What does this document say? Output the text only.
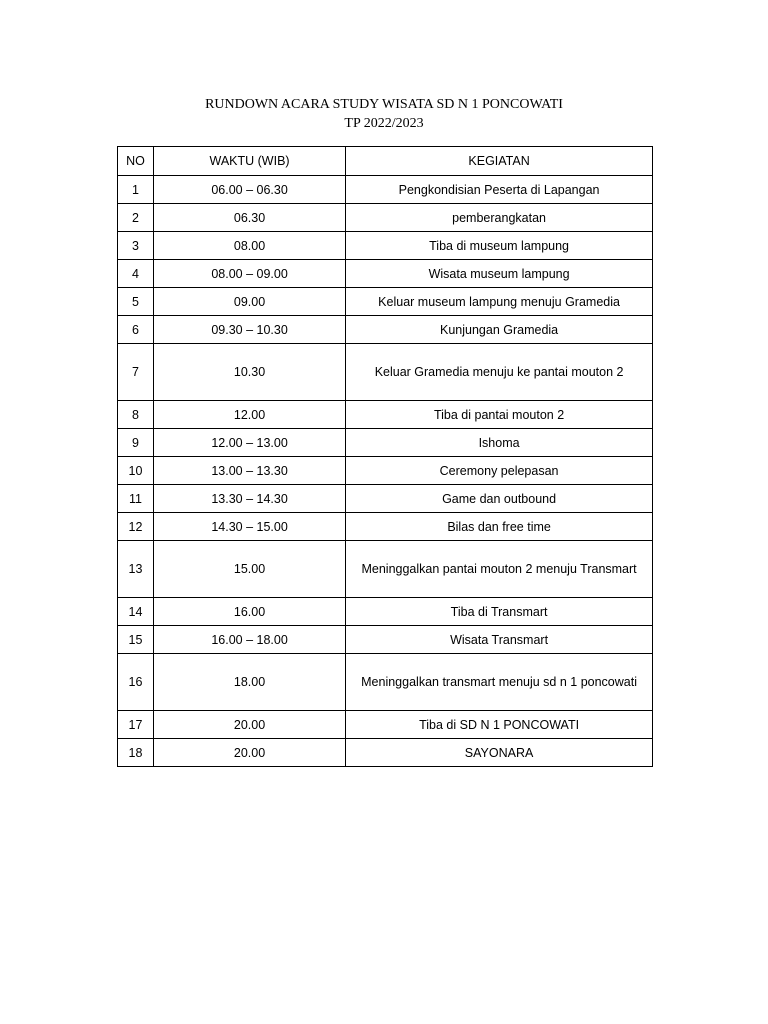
RUNDOWN ACARA STUDY WISATA SD N 1 PONCOWATI
TP 2022/2023
NO	WAKTU (WIB)	KEGIATAN
1	06.00 – 06.30	Pengkondisian Peserta di Lapangan
2	06.30	pemberangkatan
3	08.00	Tiba di museum lampung
4	08.00 – 09.00	Wisata museum lampung
5	09.00	Keluar museum lampung menuju Gramedia
6	09.30 – 10.30	Kunjungan Gramedia
7	10.30	Keluar Gramedia menuju ke pantai mouton 2
8	12.00	Tiba di pantai mouton 2
9	12.00 – 13.00	Ishoma
10	13.00 – 13.30	Ceremony pelepasan
11	13.30 – 14.30	Game dan outbound
12	14.30 – 15.00	Bilas dan free time
13	15.00	Meninggalkan pantai mouton 2 menuju Transmart
14	16.00	Tiba di Transmart
15	16.00 – 18.00	Wisata Transmart
16	18.00	Meninggalkan transmart menuju sd n 1 poncowati
17	20.00	Tiba di SD N 1 PONCOWATI
18	20.00	SAYONARA
